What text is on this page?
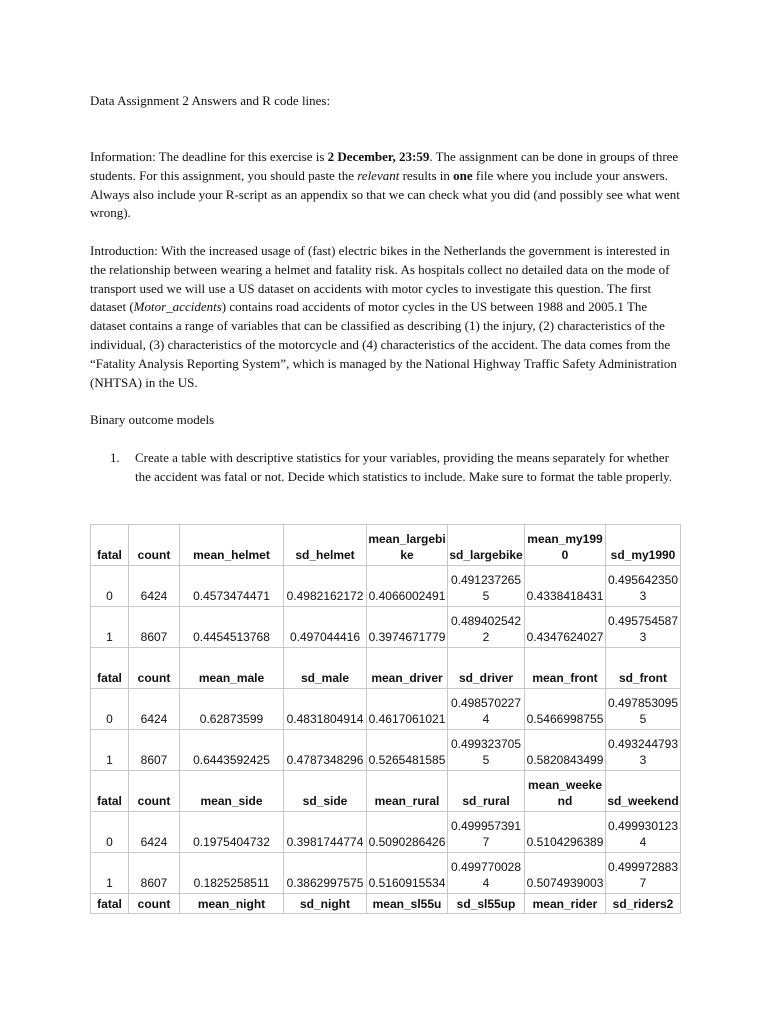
Data Assignment 2 Answers and R code lines:
Information: The deadline for this exercise is 2 December, 23:59. The assignment can be done in groups of three students. For this assignment, you should paste the relevant results in one file where you include your answers. Always also include your R-script as an appendix so that we can check what you did (and possibly see what went wrong).
Introduction: With the increased usage of (fast) electric bikes in the Netherlands the government is interested in the relationship between wearing a helmet and fatality risk. As hospitals collect no detailed data on the mode of transport used we will use a US dataset on accidents with motor cycles to investigate this question. The first dataset (Motor_accidents) contains road accidents of motor cycles in the US between 1988 and 2005.1 The dataset contains a range of variables that can be classified as describing (1) the injury, (2) characteristics of the individual, (3) characteristics of the motorcycle and (4) characteristics of the accident. The data comes from the “Fatality Analysis Reporting System”, which is managed by the National Highway Traffic Safety Administration (NHTSA) in the US.
Binary outcome models
1. Create a table with descriptive statistics for your variables, providing the means separately for whether the accident was fatal or not. Decide which statistics to include. Make sure to format the table properly.
fatal	count	mean_helmet	sd_helmet	mean_largebike	sd_largebike	mean_my1990	sd_my1990
0	6424	0.4573474471	0.4982162172	0.4066002491	0.4912372655	0.4338418431	0.4956423503
1	8607	0.4454513768	0.497044416	0.3974671779	0.4894025422	0.4347624027	0.4957545873
fatal	count	mean_male	sd_male	mean_driver	sd_driver	mean_front	sd_front
0	6424	0.62873599	0.4831804914	0.4617061021	0.4985702274	0.5466998755	0.4978530955
1	8607	0.6443592425	0.4787348296	0.5265481585	0.4993237055	0.5820843499	0.4932447933
fatal	count	mean_side	sd_side	mean_rural	sd_rural	mean_weekend	sd_weekend
0	6424	0.1975404732	0.3981744774	0.5090286426	0.4999573917	0.5104296389	0.4999301234
1	8607	0.1825258511	0.3862997575	0.5160915534	0.4997700284	0.5074939003	0.4999728837
fatal	count	mean_night	sd_night	mean_sl55u	sd_sl55up	mean_rider	sd_riders2
